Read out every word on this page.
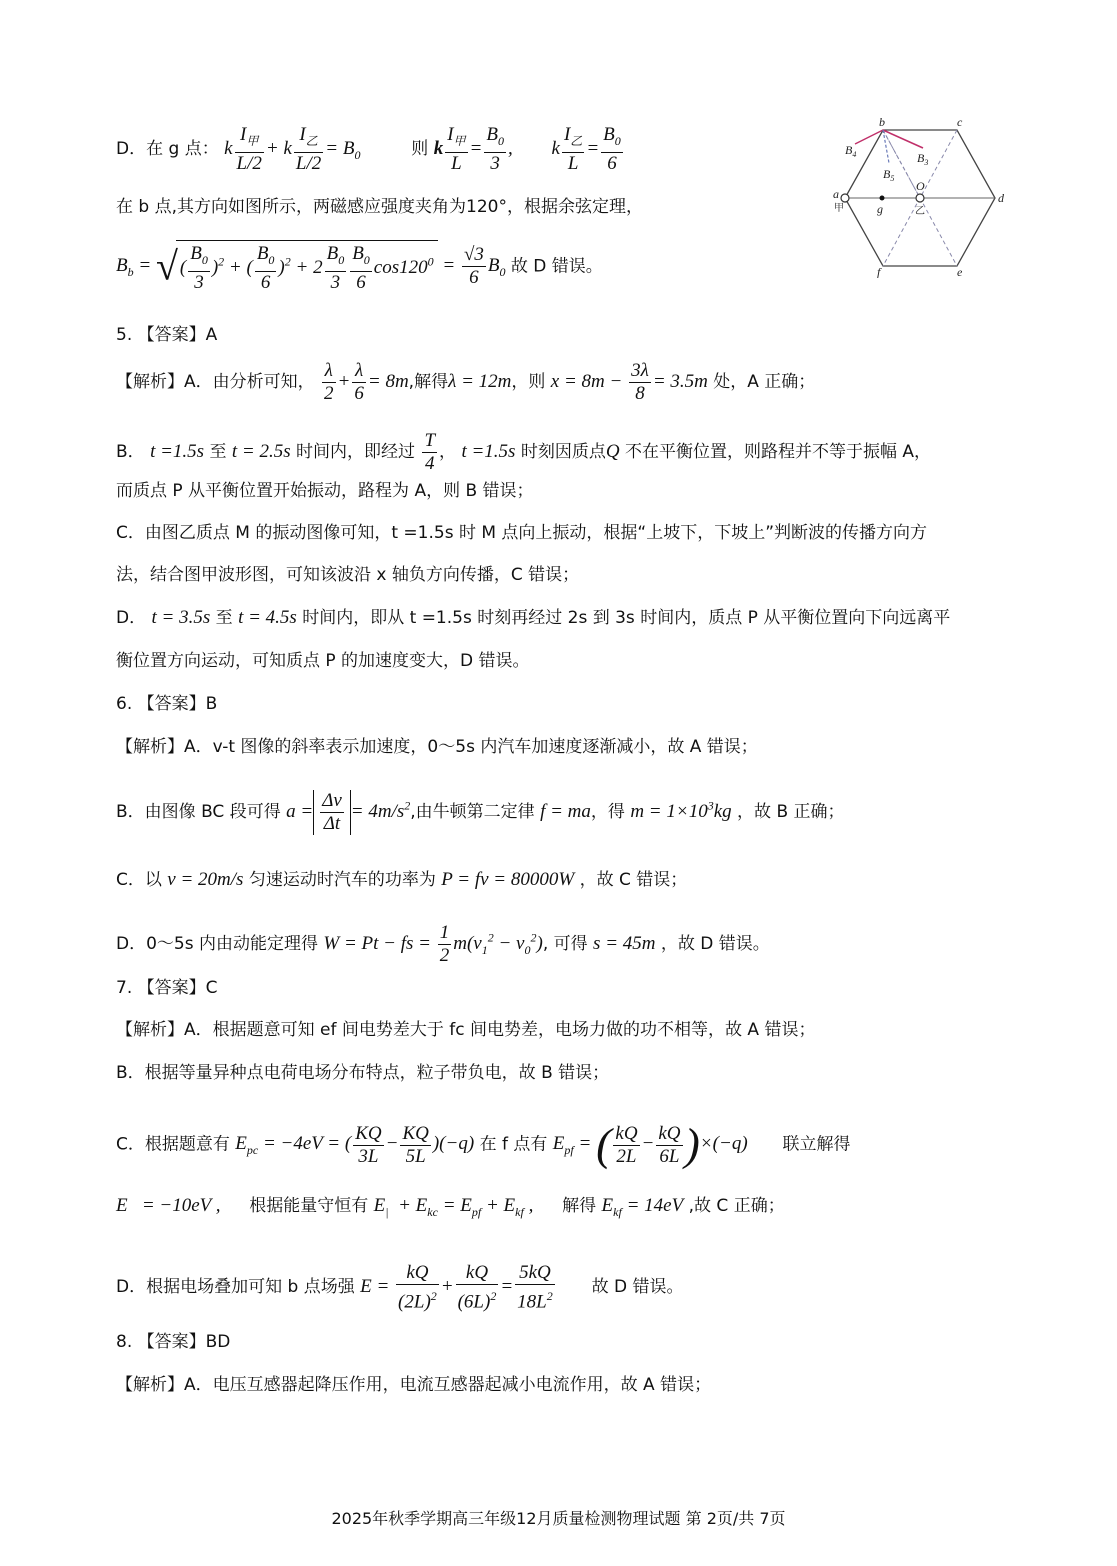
D．在 g 点： k $\frac{I_甲}{L/2} + k \frac{I_乙}{L/2} = B_0$	则 k $\frac{I_甲}{L} = \frac{B_0}{3}$ , k $\frac{I_乙}{L} = \frac{B_0}{6}$
在 b 点,其方向如图所示，两磁感应强度夹角为120°，根据余弦定理，
$B_b$ = √ ( $\frac{B_0}{3} )^2$ + ( $\frac{B_0}{6} )^2 + 2 \frac{B_0}{3} \frac{B_0}{6} \cos 120^0 = \frac{√3}{6} B_0$ 故 D 错误。
b	c
d
e
f
a
甲	g
O
乙
$B_4$	$B_3$
$B_5$
5. 【答案】A
【解析】A．由分析可知， $\frac{\lambda}{2} + \frac{\lambda}{6} = 8m$,解得λ = 12m，则 $x = 8m - \frac{3\lambda}{8} = 3.5m$ 处，A 正确；
B． t =1.5s 至 t = 2.5s 时间内，即经过 $\frac{T}{4}$ ， t =1.5s 时刻因质点Q 不在平衡位置，则路程并不等于振幅 A，
而质点 P 从平衡位置开始振动，路程为 A，则 B 错误；
C．由图乙质点 M 的振动图像可知，t =1.5s 时 M 点向上振动，根据“上坡下，下坡上”判断波的传播方向方
法，结合图甲波形图，可知该波沿 x 轴负方向传播，C 错误；
D． t = 3.5s 至 t = 4.5s 时间内，即从 t =1.5s 时刻再经过 2s 到 3s 时间内，质点 P 从平衡位置向下向远离平
衡位置方向运动，可知质点 P 的加速度变大，D 错误。
6. 【答案】B
【解析】A．v-t 图像的斜率表示加速度，0～5s 内汽车加速度逐渐减小，故 A 错误；
B．由图像 BC 段可得 $a = \frac{\Delta v}{\Delta t} = 4m/s^2$,由牛顿第二定律 f = ma，得 $m = 1\times 10^3kg$ ，故 B 正确；
C．以 v = 20m/s 匀速运动时汽车的功率为 P = fv = 80000W ，故 C 错误；
D．0～5s 内由动能定理得 W = Pt − fs = $\frac{1}{2} m(v_1^2 - v_0^2)$, 可得 s = 45m ，故 D 错误。
7. 【答案】C
【解析】A．根据题意可知 ef 间电势差大于 fc 间电势差，电场力做的功不相等，故 A 错误；
B．根据等量异种点电荷电场分布特点，粒子带负电，故 B 错误；
C．根据题意有 $E_{pc} = -4eV$ = ( $\frac{KQ}{3L} - \frac{KQ}{5L} )(-q)$ 在 f 点有 $E_{pf}$ = ( $\frac{kQ}{2L} - \frac{kQ}{6L} )\times(-q)$ 联立解得
E   = −10eV , 根据能量守恒有 $E_| + E_{kc} = E_{pf} + E_{kf}$ , 解得 $E_{kf} = 14eV$ ,故 C 正确；
D．根据电场叠加可知 b 点场强 $E = \frac{kQ}{(2L)^2} + \frac{kQ}{(6L)^2} = \frac{5kQ}{18L^2}$ 故 D 错误。
8. 【答案】BD
【解析】A．电压互感器起降压作用，电流互感器起减小电流作用，故 A 错误；
2025年秋季学期高三年级12月质量检测物理试题 第 2页/共 7页
